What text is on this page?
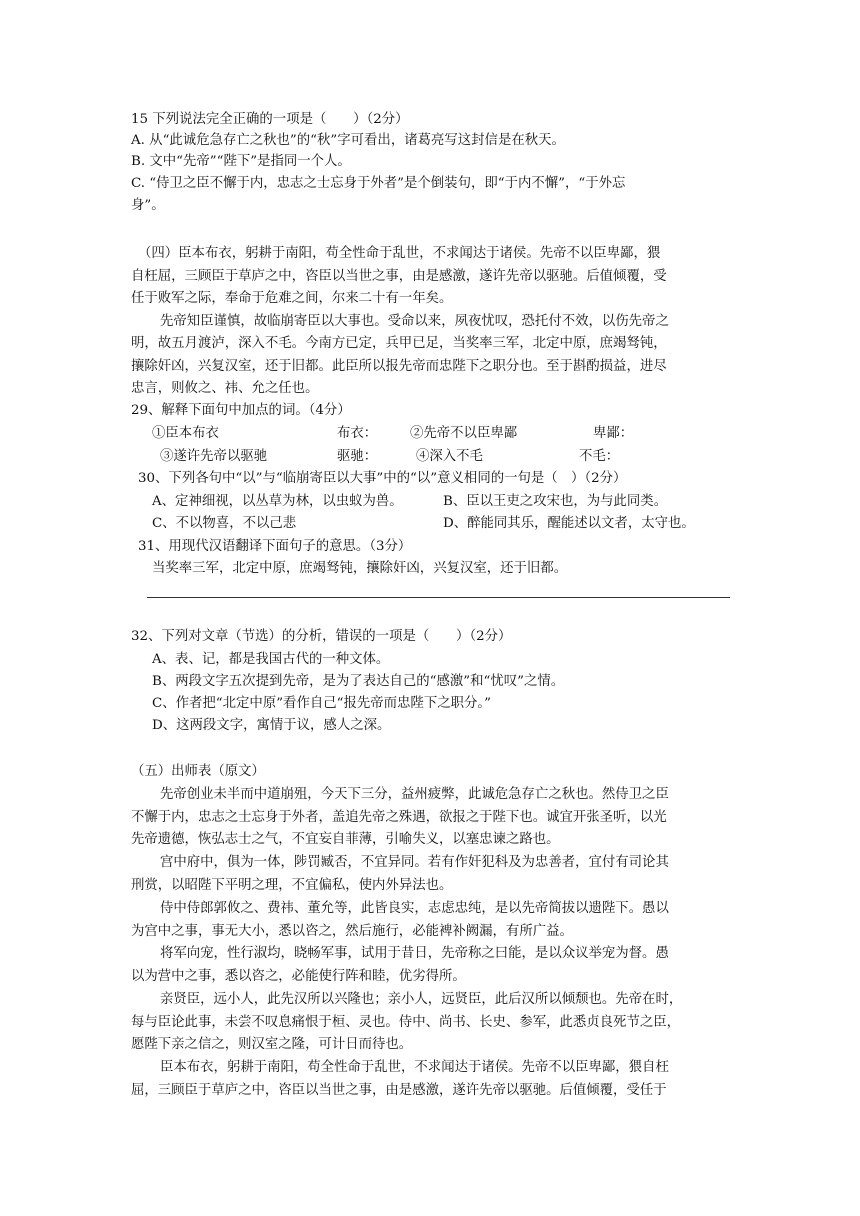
15 下列说法完全正确的一项是（　　）（2分）
A. 从“此诚危急存亡之秋也”的“秋”字可看出，诸葛亮写这封信是在秋天。
B. 文中“先帝”“陛下”是指同一个人。
C. “侍卫之臣不懈于内，忠志之士忘身于外者”是个倒装句，即“于内不懈”，“于外忘
身”。
（四）臣本布衣，躬耕于南阳，苟全性命于乱世，不求闻达于诸侯。先帝不以臣卑鄙，猥
自枉屈，三顾臣于草庐之中，咨臣以当世之事，由是感激，遂许先帝以驱驰。后值倾覆，受
任于败军之际，奉命于危难之间，尔来二十有一年矣。
先帝知臣谨慎，故临崩寄臣以大事也。受命以来，夙夜忧叹，恐托付不效，以伤先帝之
明，故五月渡泸，深入不毛。今南方已定，兵甲已足，当奖率三军，北定中原，庶竭驽钝，
攘除奸凶，兴复汉室，还于旧都。此臣所以报先帝而忠陛下之职分也。至于斟酌损益，进尽
忠言，则攸之、祎、允之任也。
29、解释下面句中加点的词。（4分）
①臣本布衣	布衣： ②先帝不以臣卑鄙	卑鄙：
③遂许先帝以驱驰	驱驰：	④深入不毛	不毛：
30、下列各句中“以”与“临崩寄臣以大事”中的“以”意义相同的一句是（　）（2分）
A、定神细视，以丛草为林，以虫蚁为兽。	B、臣以王吏之攻宋也，为与此同类。
C、不以物喜，不以己悲	D、醉能同其乐，醒能述以文者，太守也。
31、用现代汉语翻译下面句子的意思。（3分）
当奖率三军，北定中原，庶竭驽钝，攘除奸凶，兴复汉室，还于旧都。
32、下列对文章（节选）的分析，错误的一项是（　　）（2分）
A、表、记，都是我国古代的一种文体。
B、两段文字五次提到先帝，是为了表达自己的“感激”和“忧叹”之情。
C、作者把“北定中原”看作自己“报先帝而忠陛下之职分。”
D、这两段文字，寓情于议，感人之深。
（五）出师表（原文）
先帝创业未半而中道崩殂，今天下三分，益州疲弊，此诚危急存亡之秋也。然侍卫之臣
不懈于内，忠志之士忘身于外者，盖追先帝之殊遇，欲报之于陛下也。诚宜开张圣听，以光
先帝遗德，恢弘志士之气，不宜妄自菲薄，引喻失义，以塞忠谏之路也。
宫中府中，俱为一体，陟罚臧否，不宜异同。若有作奸犯科及为忠善者，宜付有司论其
刑赏，以昭陛下平明之理，不宜偏私，使内外异法也。
侍中侍郎郭攸之、费祎、董允等，此皆良实，志虑忠纯，是以先帝简拔以遗陛下。愚以
为宫中之事，事无大小，悉以咨之，然后施行，必能裨补阙漏，有所广益。
将军向宠，性行淑均，晓畅军事，试用于昔日，先帝称之曰能，是以众议举宠为督。愚
以为营中之事，悉以咨之，必能使行阵和睦，优劣得所。
亲贤臣，远小人，此先汉所以兴隆也；亲小人，远贤臣，此后汉所以倾颓也。先帝在时，
每与臣论此事，未尝不叹息痛恨于桓、灵也。侍中、尚书、长史、参军，此悉贞良死节之臣，
愿陛下亲之信之，则汉室之隆，可计日而待也。
臣本布衣，躬耕于南阳，苟全性命于乱世，不求闻达于诸侯。先帝不以臣卑鄙，猥自枉
屈，三顾臣于草庐之中，咨臣以当世之事，由是感激，遂许先帝以驱驰。后值倾覆，受任于
